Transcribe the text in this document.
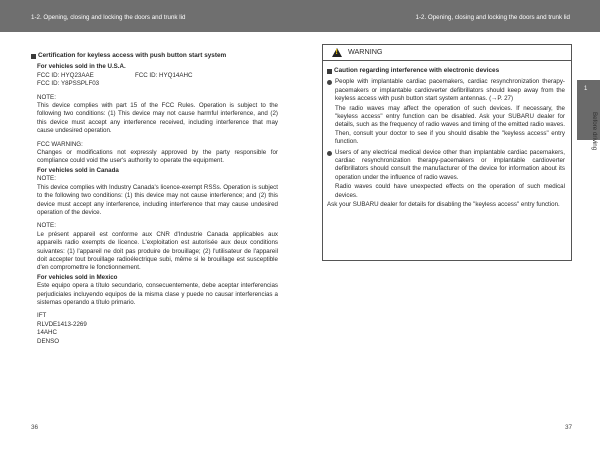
1-2. Opening, closing and locking the doors and trunk lid	1-2. Opening, closing and locking the doors and trunk lid
Certification for keyless access with push button start system
For vehicles sold in the U.S.A.
FCC ID: HYQ23AAE	FCC ID: HYQ14AHC
FCC ID: Y8PSSPLF03
NOTE:
This device complies with part 15 of the FCC Rules. Operation is subject to the following two conditions: (1) This device may not cause harmful interference, and (2) this device must accept any interference received, including interference that may cause undesired operation.
FCC WARNING:
Changes or modifications not expressly approved by the party responsible for compliance could void the user's authority to operate the equipment.
For vehicles sold in Canada
NOTE:
This device complies with Industry Canada's licence-exempt RSSs. Operation is subject to the following two conditions: (1) this device may not cause interference; and (2) this device must accept any interference, including interference that may cause undesired operation of the device.
NOTE:
Le présent appareil est conforme aux CNR d'Industrie Canada applicables aux appareils radio exempts de licence. L'exploitation est autorisée aux deux conditions suivantes: (1) l'appareil ne doit pas produire de brouillage; (2) l'utilisateur de l'appareil doit accepter tout brouillage radioélectrique subi, même si le brouillage est susceptible d'en compromettre le fonctionnement.
For vehicles sold in Mexico
Este equipo opera a título secundario, consecuentemente, debe aceptar interferencias perjudiciales incluyendo equipos de la misma clase y puede no causar interferencias a sistemas operando a título primario.
IFT
RLVDE1413-2269
14AHC
DENSO
!
WARNING
Caution regarding interference with electronic devices
People with implantable cardiac pacemakers, cardiac resynchronization therapy-pacemakers or implantable cardioverter defibrillators should keep away from the keyless access with push button start system antennas. (→P. 27)
The radio waves may affect the operation of such devices. If necessary, the "keyless access" entry function can be disabled. Ask your SUBARU dealer for details, such as the frequency of radio waves and timing of the emitted radio waves. Then, consult your doctor to see if you should disable the "keyless access" entry function.
Users of any electrical medical device other than implantable cardiac pacemakers, cardiac resynchronization therapy-pacemakers or implantable cardioverter defibrillators should consult the manufacturer of the device for information about its operation under the influence of radio waves.
Radio waves could have unexpected effects on the operation of such medical devices.
Ask your SUBARU dealer for details for disabling the "keyless access" entry function.
1
Before driving
36	37
